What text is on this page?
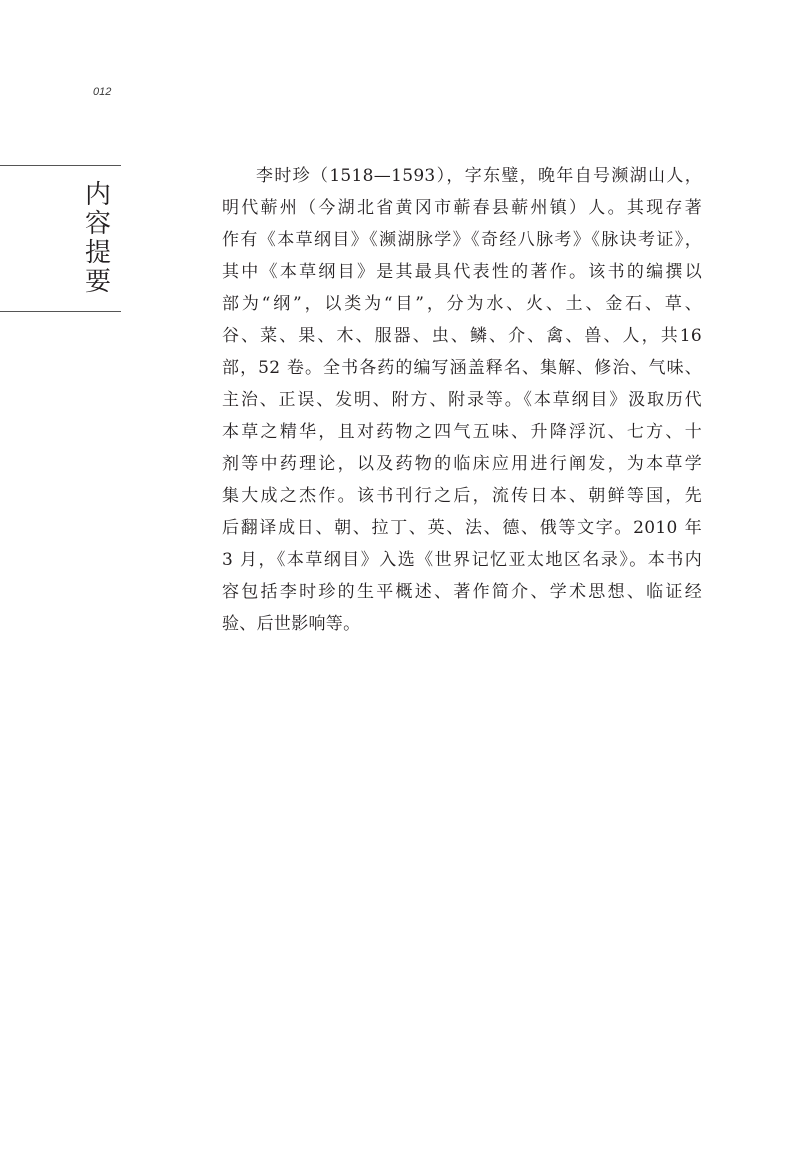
012
内
容
提
要
李时珍（1518—1593），字东璧，晚年自号濒湖山人，
明代蕲州（今湖北省黄冈市蕲春县蕲州镇）人。其现存著
作有《本草纲目》《濒湖脉学》《奇经八脉考》《脉诀考证》，
其中《本草纲目》是其最具代表性的著作。该书的编撰以
部为“纲”，以类为“目”，分为水、火、土、金石、草、
谷、菜、果、木、服器、虫、鳞、介、禽、兽、人，共16
部，52 卷。全书各药的编写涵盖释名、集解、修治、气味、
主治、正误、发明、附方、附录等。《本草纲目》汲取历代
本草之精华，且对药物之四气五味、升降浮沉、七方、十
剂等中药理论，以及药物的临床应用进行阐发，为本草学
集大成之杰作。该书刊行之后，流传日本、朝鲜等国，先
后翻译成日、朝、拉丁、英、法、德、俄等文字。2010 年
3 月，《本草纲目》入选《世界记忆亚太地区名录》。本书内
容包括李时珍的生平概述、著作简介、学术思想、临证经
验、后世影响等。
